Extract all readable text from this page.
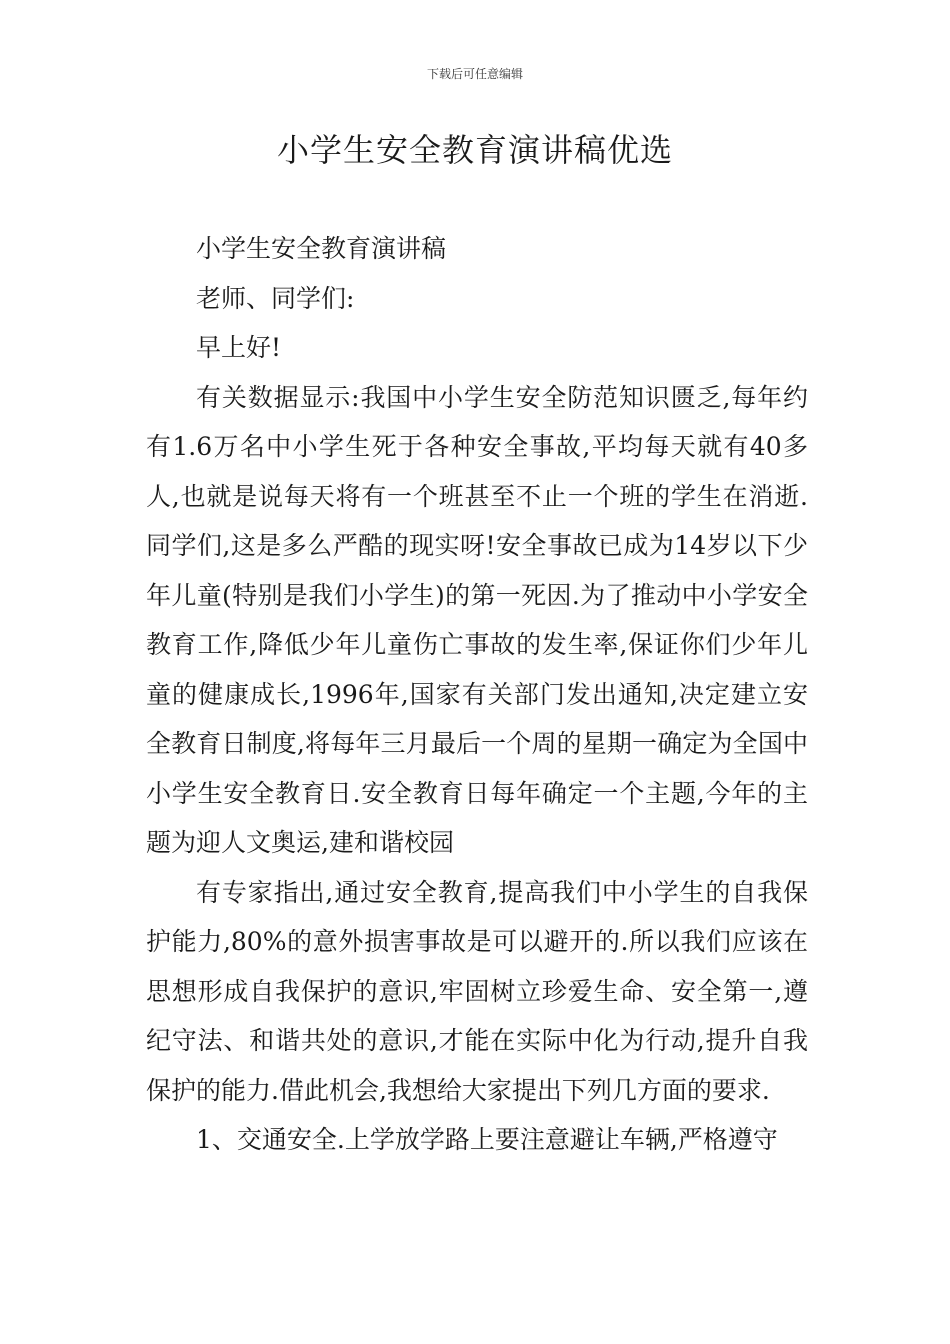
下载后可任意编辑
小学生安全教育演讲稿优选

小学生安全教育演讲稿

老师、同学们:

早上好!

有关数据显示:我国中小学生安全防范知识匮乏,每年约有1.6万名中小学生死于各种安全事故,平均每天就有40多人,也就是说每天将有一个班甚至不止一个班的学生在消逝.同学们,这是多么严酷的现实呀!安全事故已成为14岁以下少年儿童(特别是我们小学生)的第一死因.为了推动中小学安全教育工作,降低少年儿童伤亡事故的发生率,保证你们少年儿童的健康成长,1996年,国家有关部门发出通知,决定建立安全教育日制度,将每年三月最后一个周的星期一确定为全国中小学生安全教育日.安全教育日每年确定一个主题,今年的主题为迎人文奥运,建和谐校园

有专家指出,通过安全教育,提高我们中小学生的自我保护能力,80%的意外损害事故是可以避开的.所以我们应该在思想形成自我保护的意识,牢固树立珍爱生命、安全第一,遵纪守法、和谐共处的意识,才能在实际中化为行动,提升自我保护的能力.借此机会,我想给大家提出下列几方面的要求.

1、交通安全.上学放学路上要注意避让车辆,严格遵守
